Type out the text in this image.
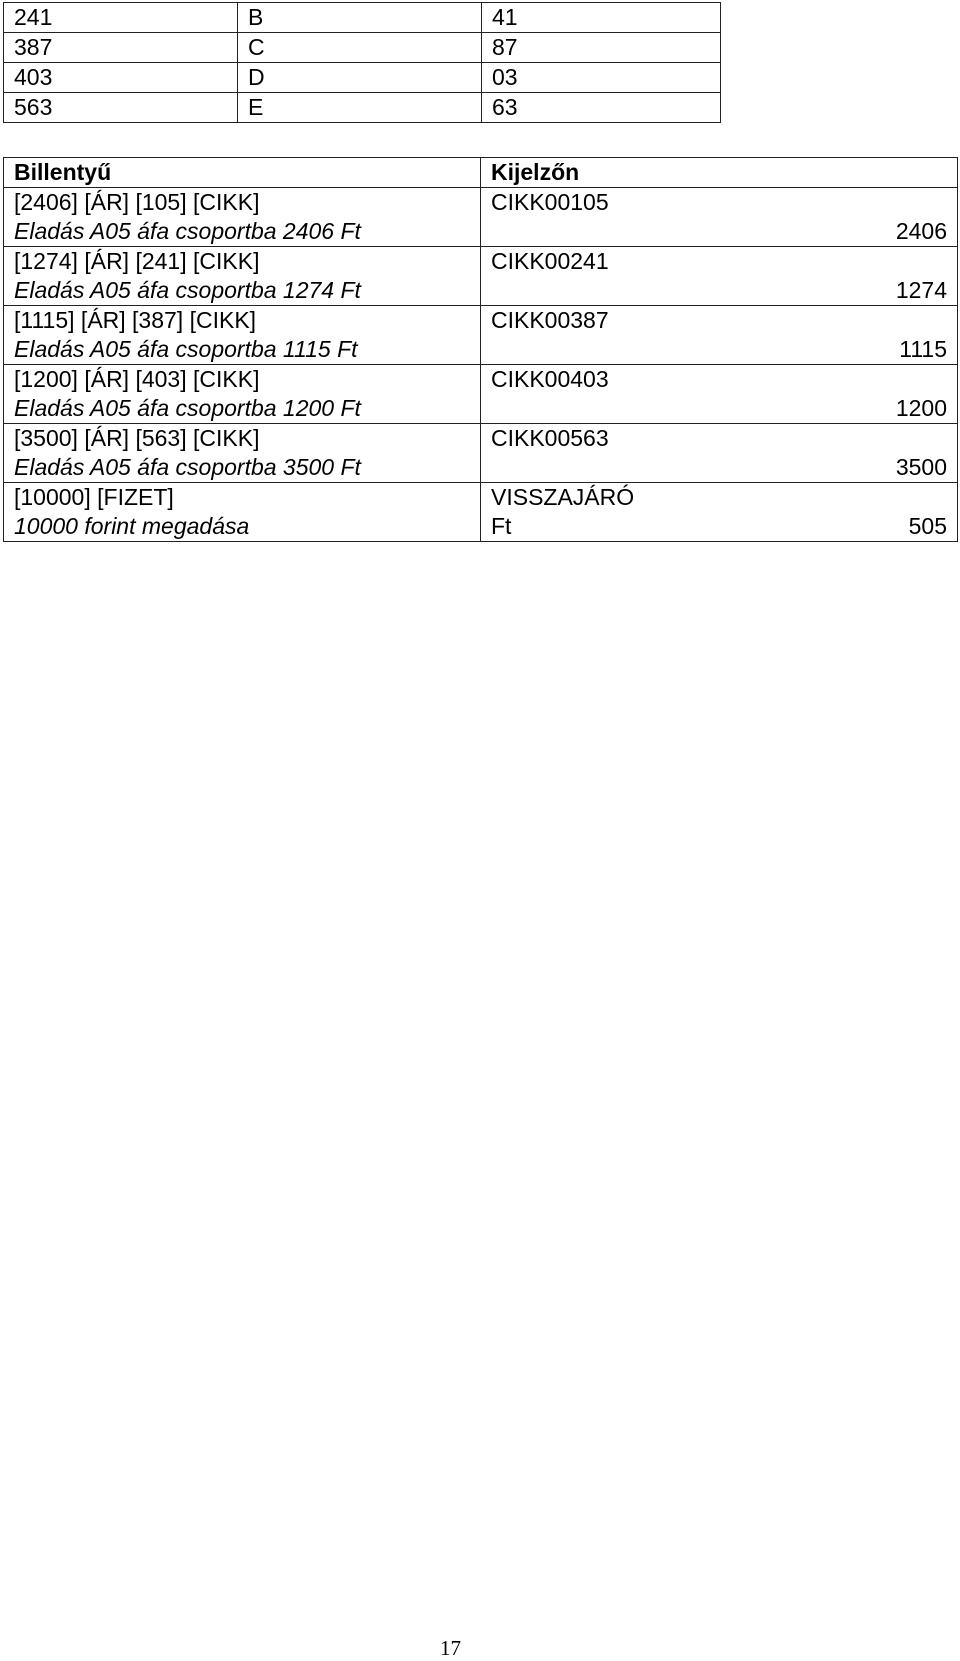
241	B	41
387	C	87
403	D	03
563	E	63
Billentyű	Kijelzőn

[2406] [ÁR] [105] [CIKK]
Eladás A05 áfa csoportba 2406 Ft	CIKK00105
2406

[1274] [ÁR] [241] [CIKK]
Eladás A05 áfa csoportba 1274 Ft	CIKK00241
1274

[1115] [ÁR] [387] [CIKK]
Eladás A05 áfa csoportba 1115 Ft	CIKK00387
1115

[1200] [ÁR] [403] [CIKK]
Eladás A05 áfa csoportba 1200 Ft	CIKK00403
1200

[3500] [ÁR] [563] [CIKK]
Eladás A05 áfa csoportba 3500 Ft	CIKK00563
3500

[10000] [FIZET]
10000 forint megadása	VISSZAJÁRÓ
Ft 505
17
